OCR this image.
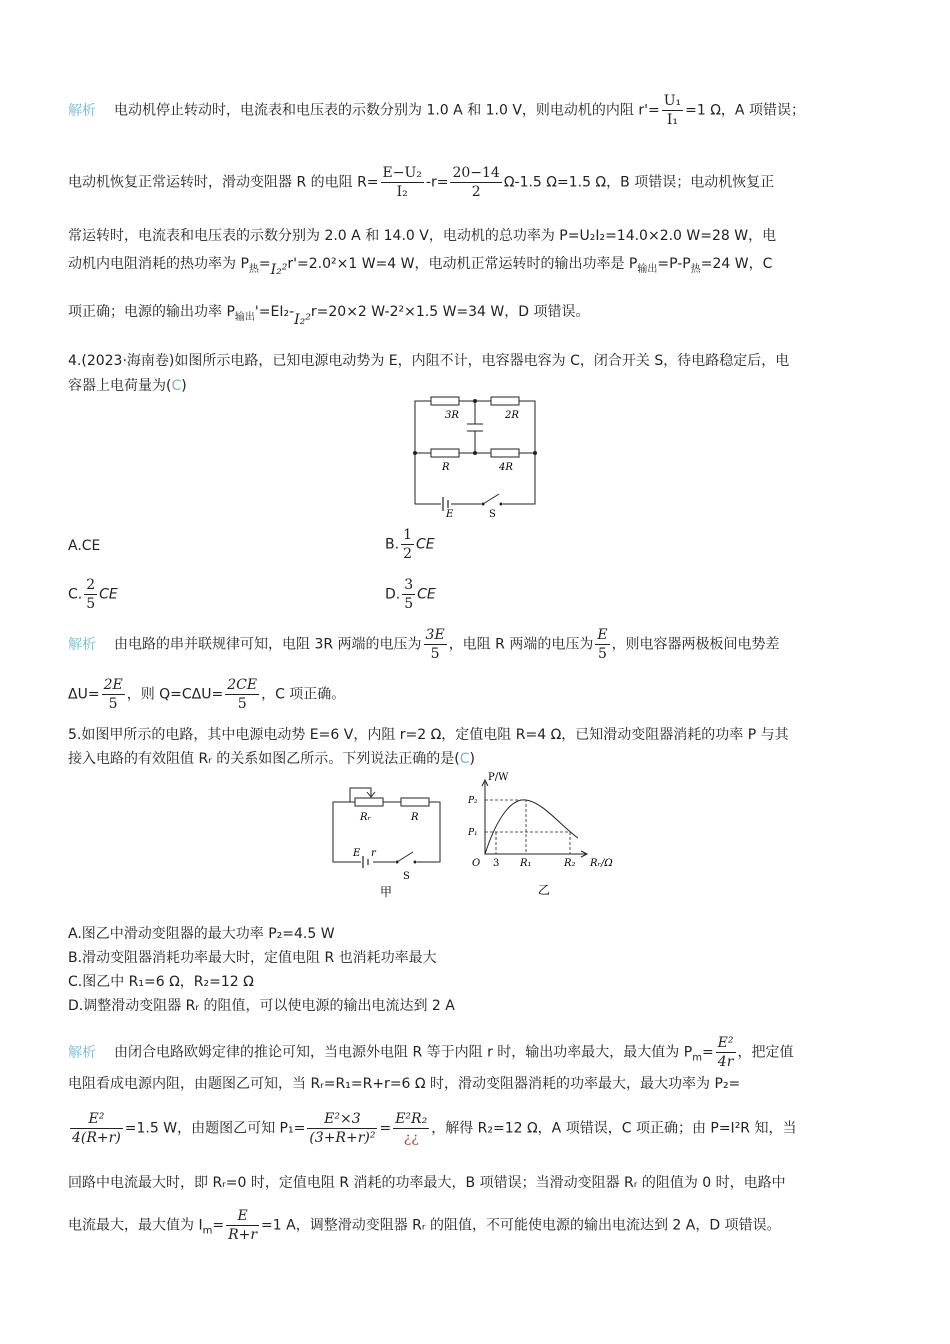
解析 电动机停止转动时，电流表和电压表的示数分别为 1.0 A 和 1.0 V，则电动机的内阻 $r'= \frac{\text{U₁}}{\text{I₁}} =1$ Ω，A 项错误；
电动机恢复正常运转时，滑动变阻器 R 的电阻 $R= \frac{\text{E−U₂}}{\text{I₂}} -r= \frac{20-14}{2} \Omega-1.5$ Ω=1.5 Ω，B 项错误；电动机恢复正
常运转时，电流表和电压表的示数分别为 2.0 A 和 14.0 V，电动机的总功率为 P=U₂I₂=14.0×2.0 W=28 W，电
动机内电阻消耗的热功率为 $P_热=I_2^2r'=2.0^2\times 1$ W=4 W，电动机正常运转时的输出功率是 $P_{输出}=P-P_热=24$ W，C
项正确；电源的输出功率 $P_{输出}'=EI_2-I_2^2r=20\times 2$ W-2²×1.5 W=34 W，D 项错误。
4.(2023·海南卷)如图所示电路，已知电源电动势为 E，内阻不计，电容器电容为 C，闭合开关 S，待电路稳定后，电
容器上电荷量为(C)
3R	2R
R	4R
E	S
A.CE	B. $\frac{1}{2}$ CE
C. $\frac{2}{5}$ CE	D. $\frac{3}{5}$ CE
解析 由电路的串并联规律可知，电阻 3R 两端的电压为 $\frac{3E}{5}$ ，电阻 R 两端的电压为 $\frac{E}{5}$ ，则电容器两极板间电势差
$\Delta U= \frac{2E}{5}$ ，则 $Q=C\Delta U= \frac{2CE}{5}$ ，C 项正确。
5.如图甲所示的电路，其中电源电动势 E=6 V，内阻 r=2 Ω，定值电阻 R=4 Ω，已知滑动变阻器消耗的功率 P 与其
接入电路的有效阻值 Rᵣ 的关系如图乙所示。下列说法正确的是(C)
Rᵣ	R
E r
S
甲
P/W
P₂
P₁
O 3 R₁	R₂ Rᵣ/Ω
乙
A.图乙中滑动变阻器的最大功率 P₂=4.5 W
B.滑动变阻器消耗功率最大时，定值电阻 R 也消耗功率最大
C.图乙中 R₁=6 Ω，R₂=12 Ω
D.调整滑动变阻器 Rᵣ 的阻值，可以使电源的输出电流达到 2 A
解析 由闭合电路欧姆定律的推论可知，当电源外电阻 R 等于内阻 r 时，输出功率最大，最大值为 $P_m= \frac{\text{E²}}{4r}$ ，把定值
电阻看成电源内阻，由题图乙可知，当 Rᵣ=R₁=R+r=6 Ω 时，滑动变阻器消耗的功率最大，最大功率为 P₂=
$\frac{\text{E²}}{4(R+r)} =1.5$ W，由题图乙可知 $P_1= \frac{\text{E²×3}}{\text{(3+R+r)²}} = \frac{\text{E²R₂}}{¿¿}$ ，解得 R₂=12 Ω，A 项错误，C 项正确；由 P=I²R 知，当
回路中电流最大时，即 Rᵣ=0 时，定值电阻 R 消耗的功率最大，B 项错误；当滑动变阻器 Rᵣ 的阻值为 0 时，电路中
电流最大，最大值为 $I_m= \frac{E}{R+r} =1$ A，调整滑动变阻器 Rᵣ 的阻值，不可能使电源的输出电流达到 2 A，D 项错误。
